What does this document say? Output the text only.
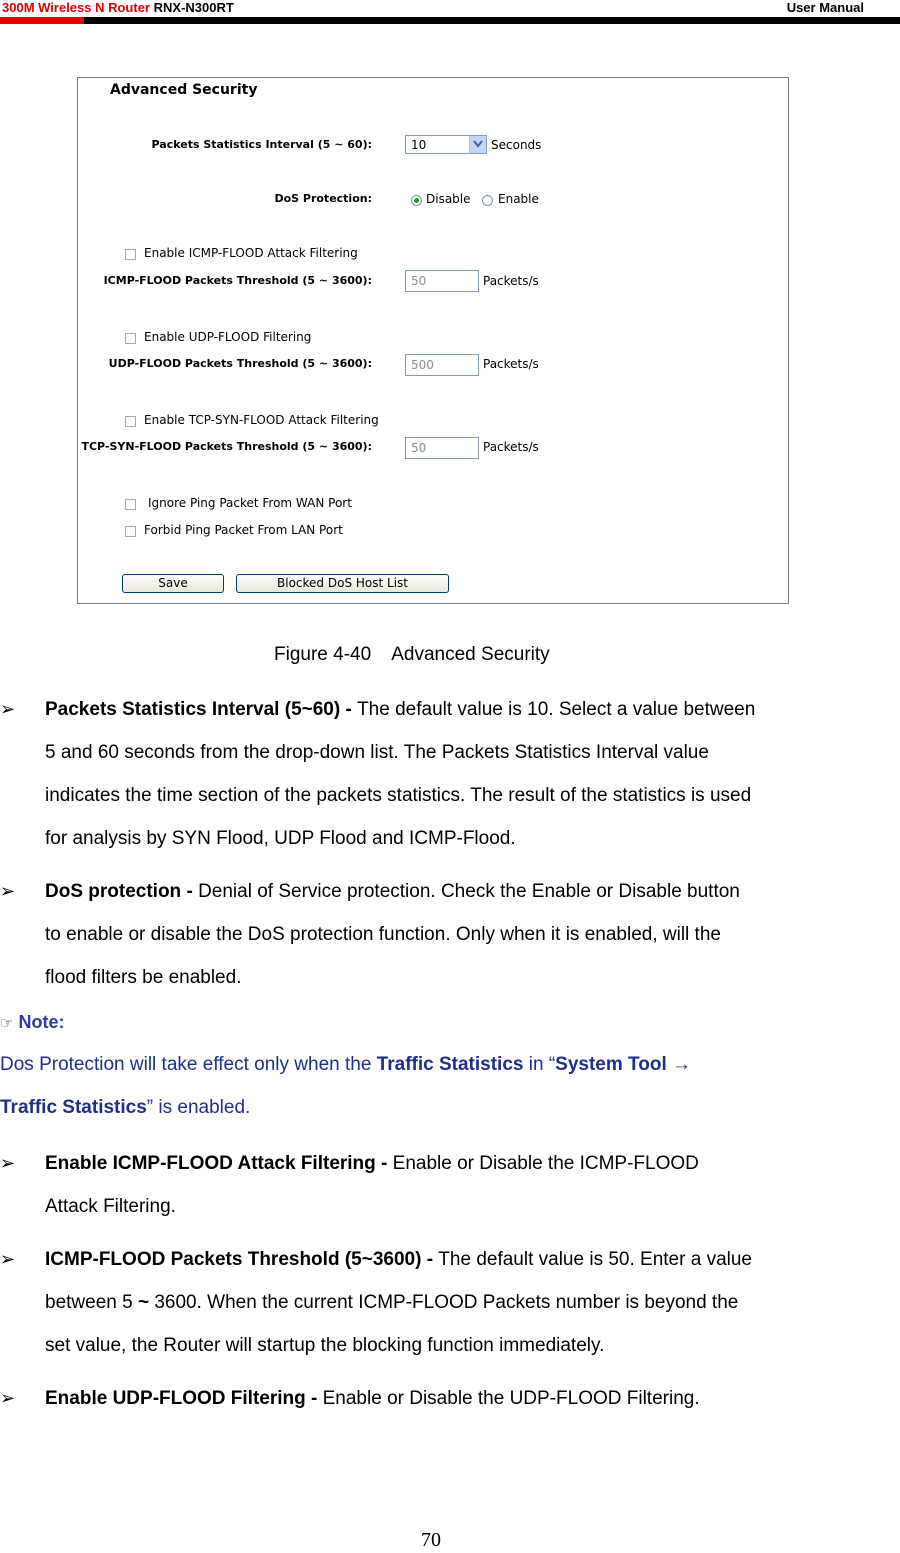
300M Wireless N Router RNX-N300RT	User Manual
Advanced Security
Packets Statistics Interval (5 ~ 60):	10	Seconds
DoS Protection:	Disable Enable
Enable ICMP-FLOOD Attack Filtering
ICMP-FLOOD Packets Threshold (5 ~ 3600):	50	Packets/s
Enable UDP-FLOOD Filtering
UDP-FLOOD Packets Threshold (5 ~ 3600):	500	Packets/s
Enable TCP-SYN-FLOOD Attack Filtering
TCP-SYN-FLOOD Packets Threshold (5 ~ 3600):	50	Packets/s
Ignore Ping Packet From WAN Port
Forbid Ping Packet From LAN Port
Save	Blocked DoS Host List
Figure 4-40    Advanced Security
➢ Packets Statistics Interval (5~60) - The default value is 10. Select a value between
5 and 60 seconds from the drop-down list. The Packets Statistics Interval value
indicates the time section of the packets statistics. The result of the statistics is used
for analysis by SYN Flood, UDP Flood and ICMP-Flood.
➢ DoS protection - Denial of Service protection. Check the Enable or Disable button
to enable or disable the DoS protection function. Only when it is enabled, will the
flood filters be enabled.
☞ Note:
Dos Protection will take effect only when the Traffic Statistics in “System Tool →
Traffic Statistics” is enabled.
➢ Enable ICMP-FLOOD Attack Filtering - Enable or Disable the ICMP-FLOOD
Attack Filtering.
➢ ICMP-FLOOD Packets Threshold (5~3600) - The default value is 50. Enter a value
between 5 ~ 3600. When the current ICMP-FLOOD Packets number is beyond the
set value, the Router will startup the blocking function immediately.
➢ Enable UDP-FLOOD Filtering - Enable or Disable the UDP-FLOOD Filtering.
70
